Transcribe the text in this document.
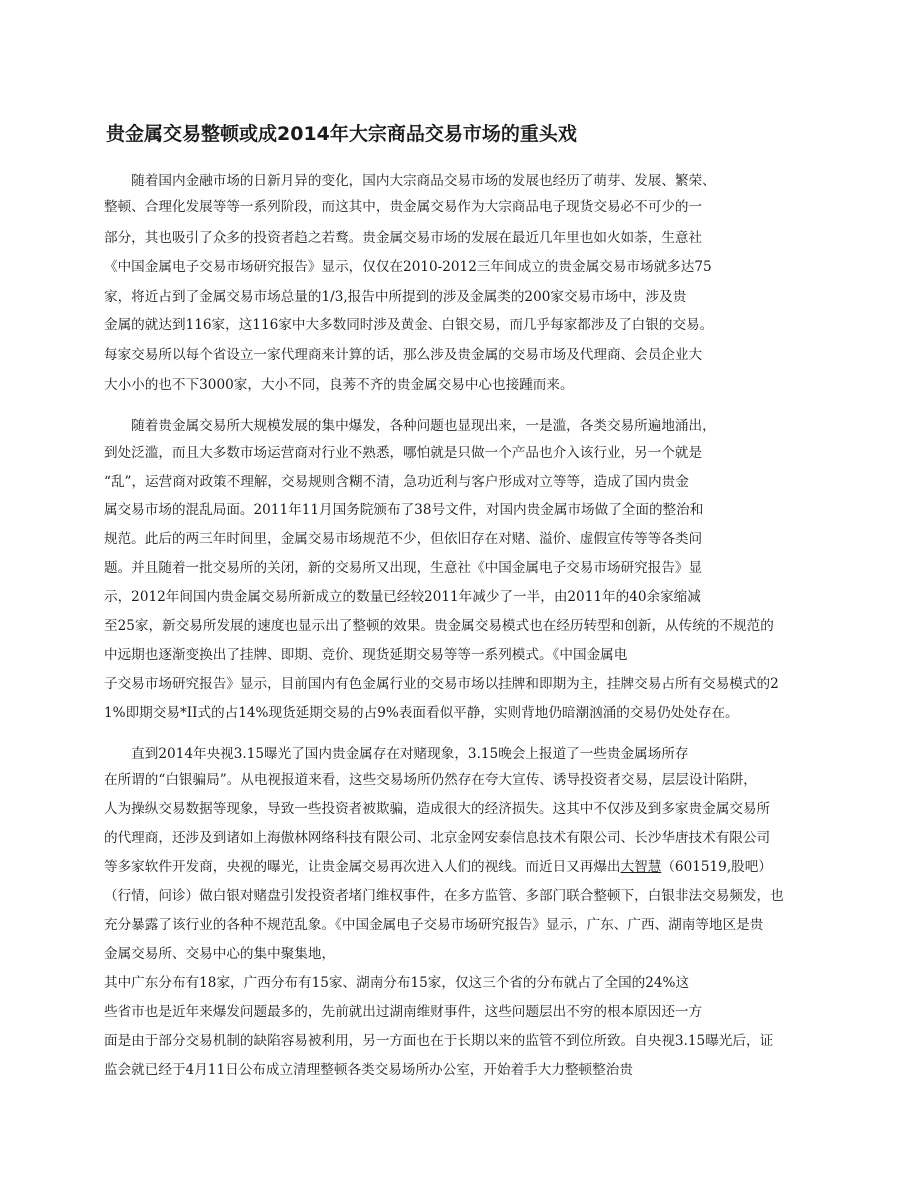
贵金属交易整顿或成2014年大宗商品交易市场的重头戏
　　随着国内金融市场的日新月异的变化，国内大宗商品交易市场的发展也经历了萌芽、发展、繁荣、
整顿、合理化发展等等一系列阶段，而这其中，贵金属交易作为大宗商品电子现货交易必不可少的一
部分，其也吸引了众多的投资者趋之若鹜。贵金属交易市场的发展在最近几年里也如火如荼，生意社
《中国金属电子交易市场研究报告》显示，仅仅在2010-2012三年间成立的贵金属交易市场就多达75
家，将近占到了金属交易市场总量的1/3,报告中所提到的涉及金属类的200家交易市场中，涉及贵
金属的就达到116家，这116家中大多数同时涉及黄金、白银交易，而几乎每家都涉及了白银的交易。
每家交易所以每个省设立一家代理商来计算的话，那么涉及贵金属的交易市场及代理商、会员企业大
大小小的也不下3000家，大小不同，良莠不齐的贵金属交易中心也接踵而来。
　　随着贵金属交易所大规模发展的集中爆发，各种问题也显现出来，一是滥，各类交易所遍地涌出，
到处泛滥，而且大多数市场运营商对行业不熟悉，哪怕就是只做一个产品也介入该行业，另一个就是
“乱”，运营商对政策不理解，交易规则含糊不清，急功近利与客户形成对立等等，造成了国内贵金
属交易市场的混乱局面。2011年11月国务院颁布了38号文件，对国内贵金属市场做了全面的整治和
规范。此后的两三年时间里，金属交易市场规范不少，但依旧存在对赌、溢价、虚假宣传等等各类问
题。并且随着一批交易所的关闭，新的交易所又出现，生意社《中国金属电子交易市场研究报告》显
示，2012年间国内贵金属交易所新成立的数量已经较2011年减少了一半，由2011年的40余家缩减
至25家，新交易所发展的速度也显示出了整顿的效果。贵金属交易模式也在经历转型和创新，从传统的不规范的
中远期也逐渐变换出了挂牌、即期、竞价、现货延期交易等等一系列模式。《中国金属电
子交易市场研究报告》显示，目前国内有色金属行业的交易市场以挂牌和即期为主，挂牌交易占所有交易模式的2
1%即期交易*II式的占14%现货延期交易的占9%表面看似平静，实则背地仍暗潮汹涌的交易仍处处存在。
　　直到2014年央视3.15曝光了国内贵金属存在对赌现象，3.15晚会上报道了一些贵金属场所存
在所谓的“白银骗局”。从电视报道来看，这些交易场所仍然存在夸大宣传、诱导投资者交易，层层设计陷阱，
人为操纵交易数据等现象，导致一些投资者被欺骗，造成很大的经济损失。这其中不仅涉及到多家贵金属交易所
的代理商，还涉及到诸如上海傲林网络科技有限公司、北京金网安泰信息技术有限公司、长沙华唐技术有限公司
等多家软件开发商，央视的曝光，让贵金属交易再次进入人们的视线。而近日又再爆出大智慧（601519,股吧）
（行情，问诊）做白银对赌盘引发投资者堵门维权事件，在多方监管、多部门联合整顿下，白银非法交易频发，也
充分暴露了该行业的各种不规范乱象。《中国金属电子交易市场研究报告》显示，广东、广西、湖南等地区是贵
金属交易所、交易中心的集中聚集地，
其中广东分布有18家，广西分布有15家、湖南分布15家，仅这三个省的分布就占了全国的24%这
些省市也是近年来爆发问题最多的，先前就出过湖南维财事件，这些问题层出不穷的根本原因还一方
面是由于部分交易机制的缺陷容易被利用，另一方面也在于长期以来的监管不到位所致。自央视3.15曝光后，证
监会就已经于4月11日公布成立清理整顿各类交易场所办公室，开始着手大力整顿整治贵
